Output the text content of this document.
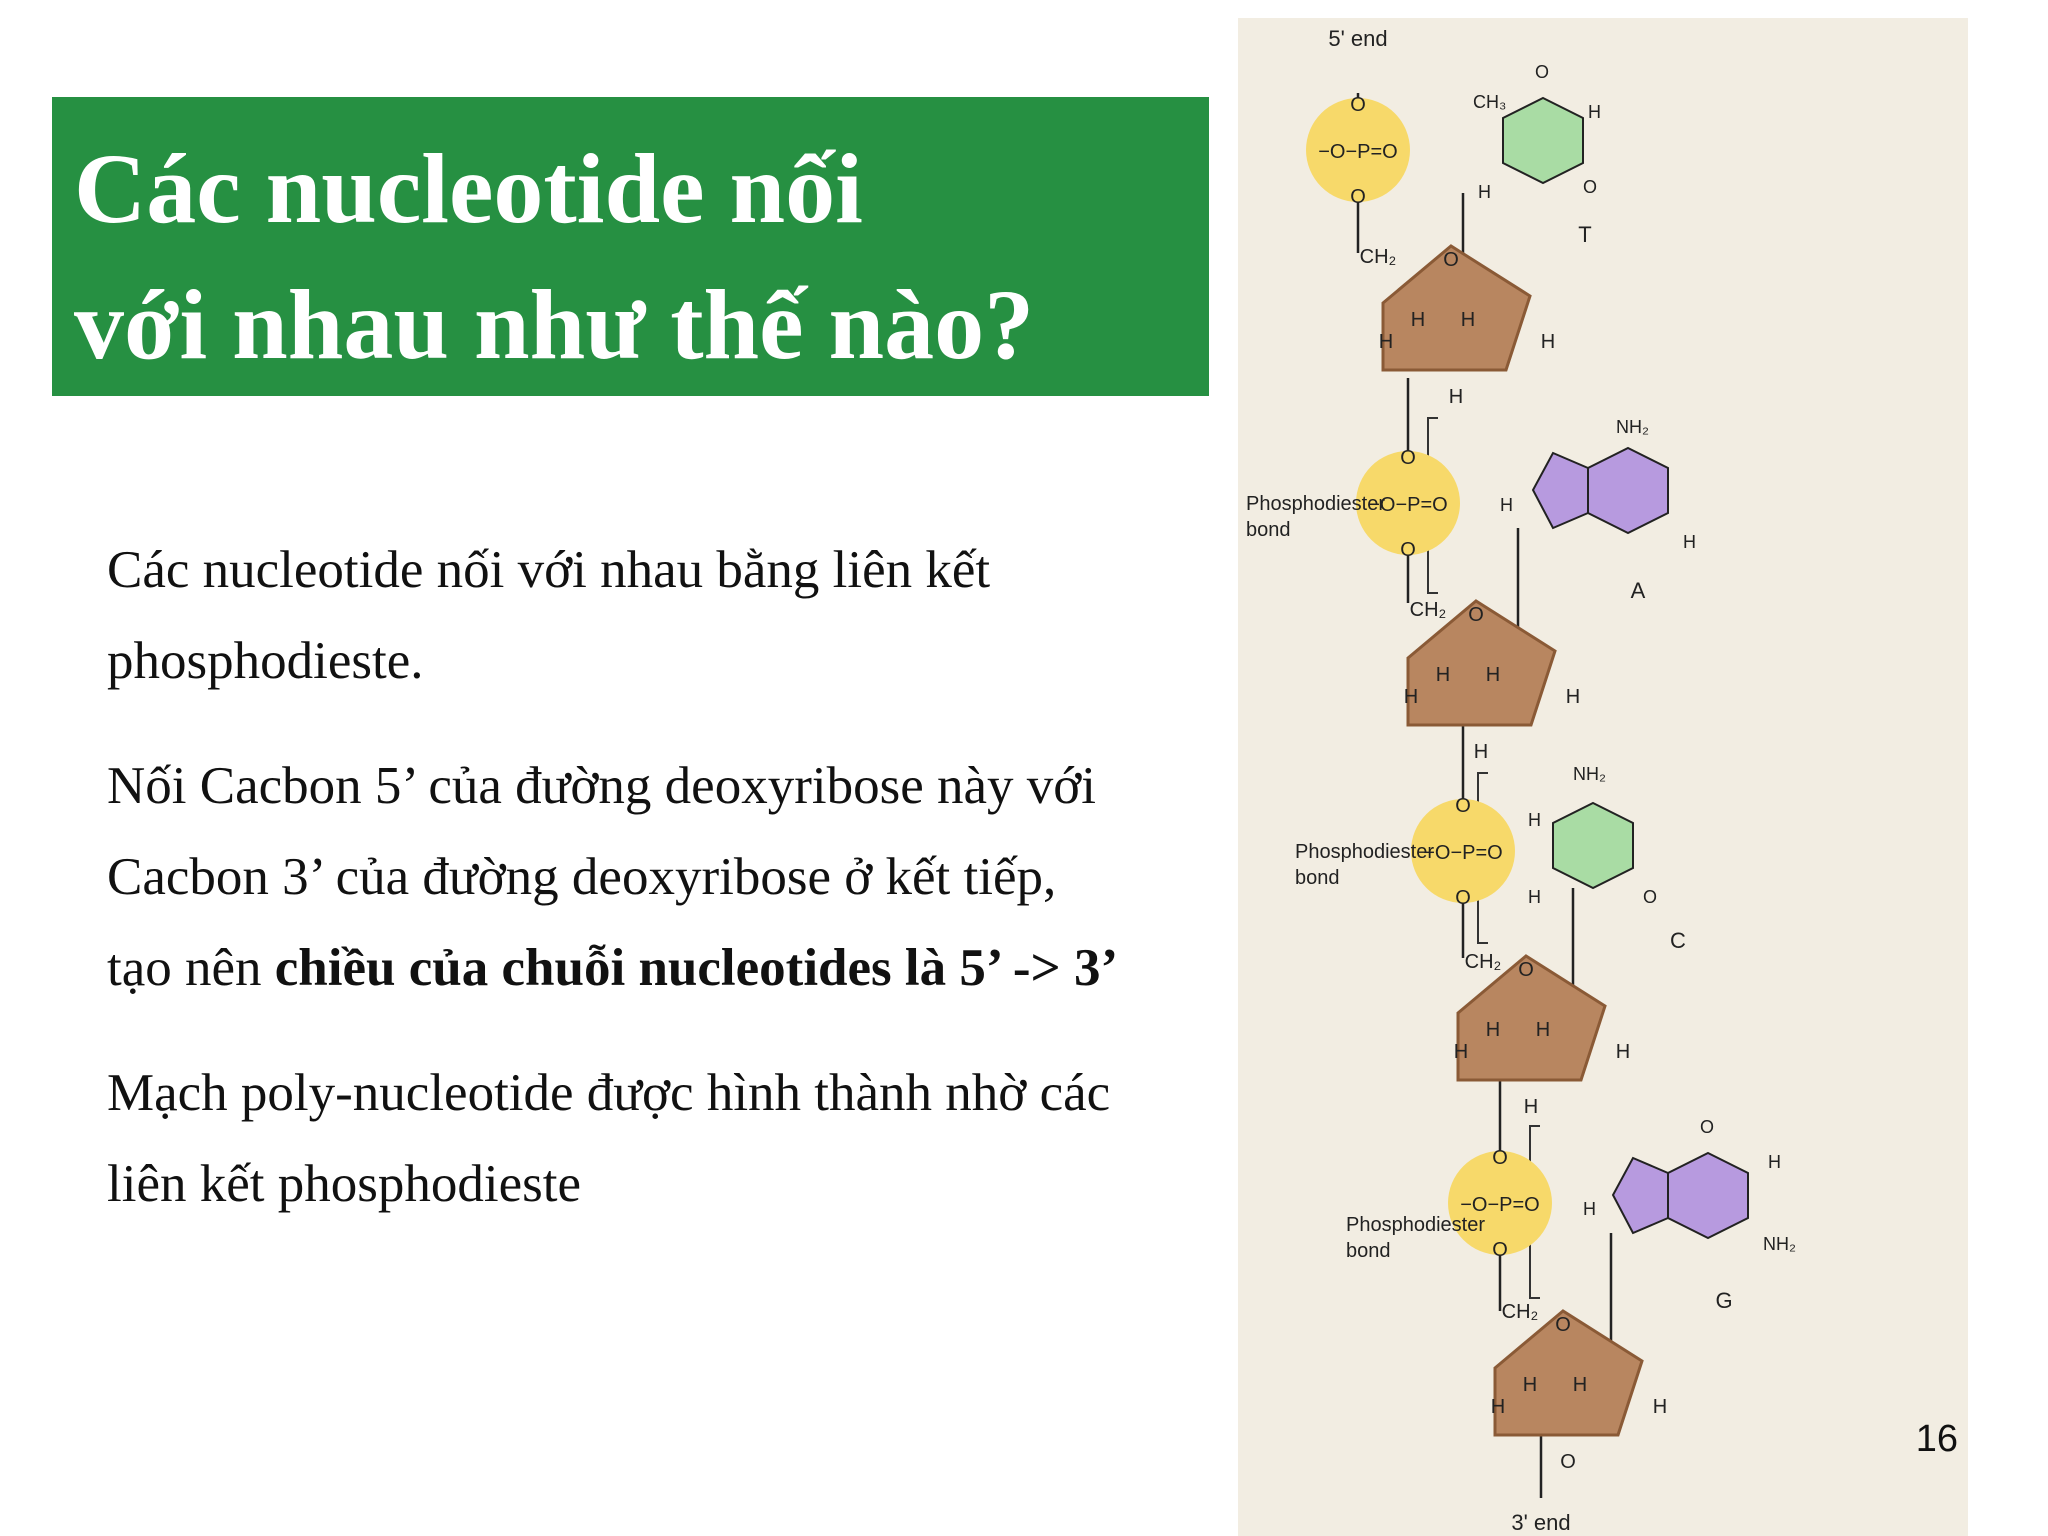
Các nucleotide nối
với nhau như thế nào?

Các nucleotide nối với nhau bằng liên kết phosphodieste.

Nối Cacbon 5’ của đường deoxyribose này với Cacbon 3’ của đường deoxyribose ở kết tiếp, tạo nên chiều của chuỗi nucleotides là 5’ -> 3’

Mạch poly-nucleotide được hình thành nhờ các liên kết phosphodieste

O
−O−P=O
O
O
−O−P=O
O
O
−O−P=O
O
O
−O−P=O
O
CH₂
CH₂
CH₂
CH₂
O
H H
H	H
H
O
H H
H	H
H
O
H H
H	H
H
O
H H
H	H
O
O
CH₃	H
H	O
NH₂
H
H
NH₂
H
H	O
O
H
H
NH₂
T
A
C
G
5' end
3' end
Phosphodiester
bond
Phosphodiester
bond
Phosphodiester
bond
16
